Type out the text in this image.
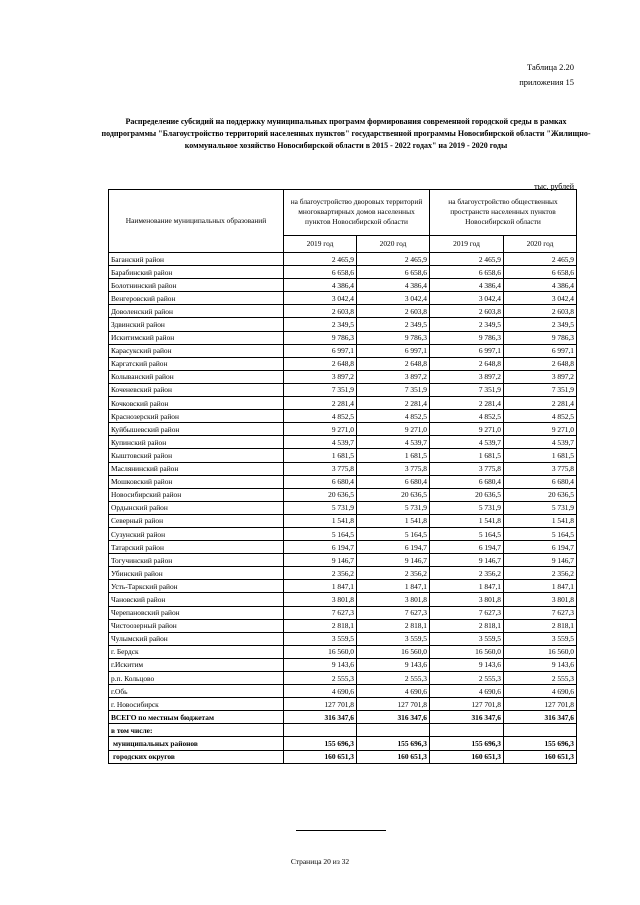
Таблица 2.20
приложения 15
Распределение субсидий на поддержку муниципальных программ формирования современной городской среды в рамках подпрограммы "Благоустройство территорий населенных пунктов" государственной программы Новосибирской области "Жилищно-коммунальное хозяйство Новосибирской области в 2015 - 2022 годах" на 2019 - 2020 годы
тыс. рублей
Наименование муниципальных образований	на благоустройство дворовых территорий многоквартирных домов населенных пунктов Новосибирской области		на благоустройство общественных пространств населенных пунктов Новосибирской области	
	2019 год	2020 год	2019 год	2020 год
Баганский район	2 465,9	2 465,9	2 465,9	2 465,9
Барабинский район	6 658,6	6 658,6	6 658,6	6 658,6
Болотнинский район	4 386,4	4 386,4	4 386,4	4 386,4
Венгеровский район	3 042,4	3 042,4	3 042,4	3 042,4
Доволенский район	2 603,8	2 603,8	2 603,8	2 603,8
Здвинский район	2 349,5	2 349,5	2 349,5	2 349,5
Искитимский район	9 786,3	9 786,3	9 786,3	9 786,3
Карасукский район	6 997,1	6 997,1	6 997,1	6 997,1
Каргатский район	2 648,8	2 648,8	2 648,8	2 648,8
Колыванский район	3 897,2	3 897,2	3 897,2	3 897,2
Коченевский район	7 351,9	7 351,9	7 351,9	7 351,9
Кочковский район	2 281,4	2 281,4	2 281,4	2 281,4
Краснозерский район	4 852,5	4 852,5	4 852,5	4 852,5
Куйбышевский район	9 271,0	9 271,0	9 271,0	9 271,0
Купинский район	4 539,7	4 539,7	4 539,7	4 539,7
Кыштовский район	1 681,5	1 681,5	1 681,5	1 681,5
Маслянинский район	3 775,8	3 775,8	3 775,8	3 775,8
Мошковский район	6 680,4	6 680,4	6 680,4	6 680,4
Новосибирский район	20 636,5	20 636,5	20 636,5	20 636,5
Ордынский район	5 731,9	5 731,9	5 731,9	5 731,9
Северный район	1 541,8	1 541,8	1 541,8	1 541,8
Сузунский район	5 164,5	5 164,5	5 164,5	5 164,5
Татарский район	6 194,7	6 194,7	6 194,7	6 194,7
Тогучинский район	9 146,7	9 146,7	9 146,7	9 146,7
Убинский район	2 356,2	2 356,2	2 356,2	2 356,2
Усть-Таркский район	1 847,1	1 847,1	1 847,1	1 847,1
Чановский район	3 801,8	3 801,8	3 801,8	3 801,8
Черепановский район	7 627,3	7 627,3	7 627,3	7 627,3
Чистоозерный район	2 818,1	2 818,1	2 818,1	2 818,1
Чулымский район	3 559,5	3 559,5	3 559,5	3 559,5
г. Бердск	16 560,0	16 560,0	16 560,0	16 560,0
г.Искитим	9 143,6	9 143,6	9 143,6	9 143,6
р.п. Кольцово	2 555,3	2 555,3	2 555,3	2 555,3
г.Обь	4 690,6	4 690,6	4 690,6	4 690,6
г. Новосибирск	127 701,8	127 701,8	127 701,8	127 701,8
ВСЕГО по местным бюджетам	316 347,6	316 347,6	316 347,6	316 347,6
в том числе:				
муниципальных районов	155 696,3	155 696,3	155 696,3	155 696,3
городских округов	160 651,3	160 651,3	160 651,3	160 651,3
Страница 20 из 32
